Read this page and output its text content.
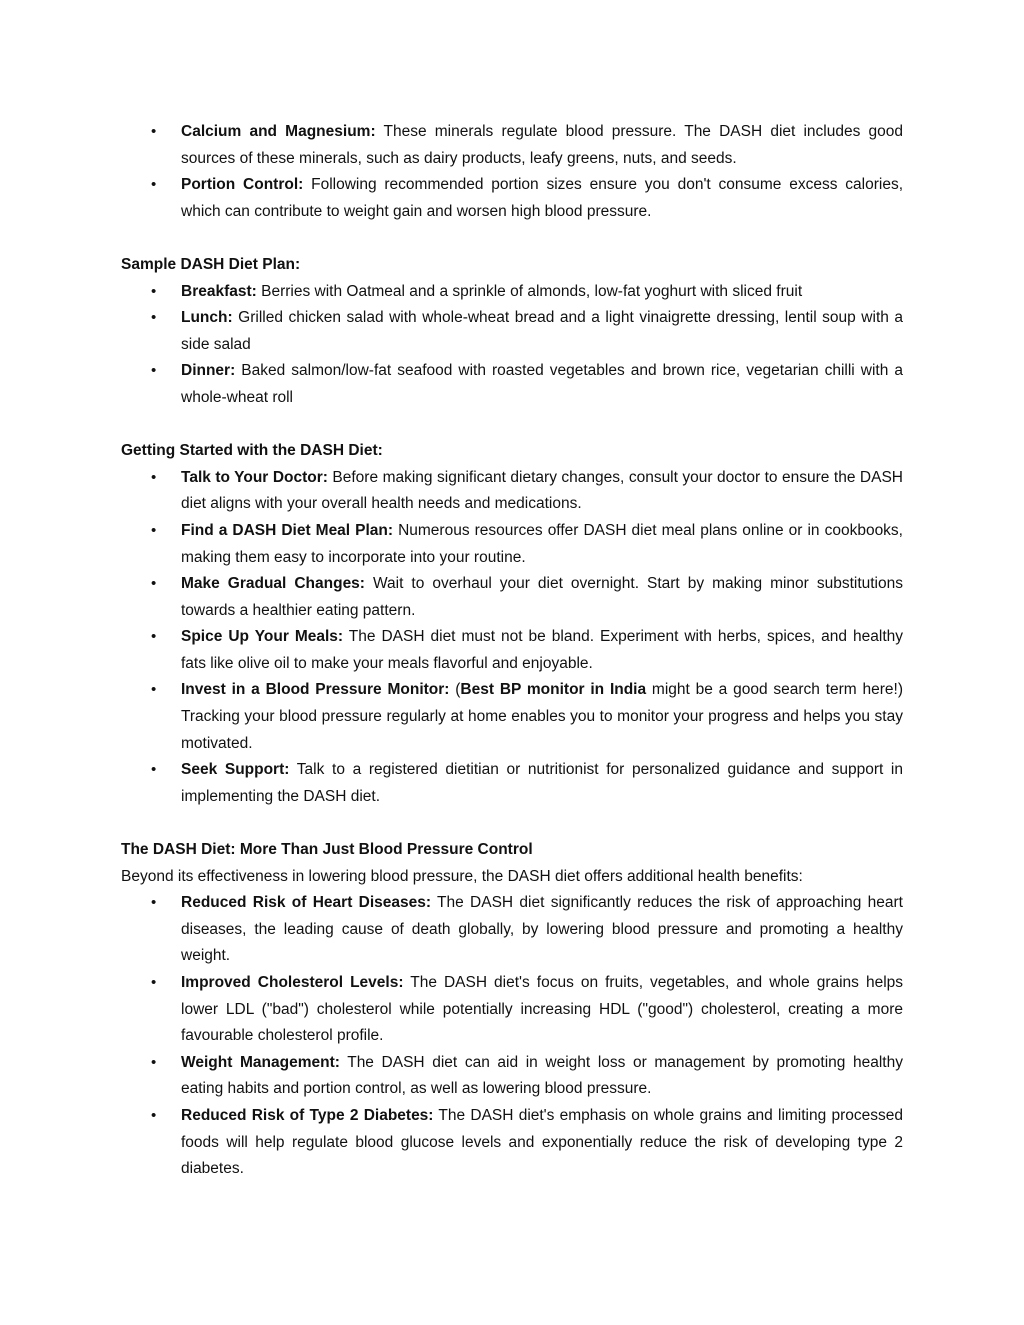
• Calcium and Magnesium: These minerals regulate blood pressure. The DASH diet includes good sources of these minerals, such as dairy products, leafy greens, nuts, and seeds.
• Portion Control: Following recommended portion sizes ensure you don't consume excess calories, which can contribute to weight gain and worsen high blood pressure.

Sample DASH Diet Plan:

• Breakfast: Berries with Oatmeal and a sprinkle of almonds, low-fat yoghurt with sliced fruit
• Lunch: Grilled chicken salad with whole-wheat bread and a light vinaigrette dressing, lentil soup with a side salad
• Dinner: Baked salmon/low-fat seafood with roasted vegetables and brown rice, vegetarian chilli with a whole-wheat roll

Getting Started with the DASH Diet:

• Talk to Your Doctor: Before making significant dietary changes, consult your doctor to ensure the DASH diet aligns with your overall health needs and medications.
• Find a DASH Diet Meal Plan: Numerous resources offer DASH diet meal plans online or in cookbooks, making them easy to incorporate into your routine.
• Make Gradual Changes: Wait to overhaul your diet overnight. Start by making minor substitutions towards a healthier eating pattern.
• Spice Up Your Meals: The DASH diet must not be bland. Experiment with herbs, spices, and healthy fats like olive oil to make your meals flavorful and enjoyable.
• Invest in a Blood Pressure Monitor: (Best BP monitor in India might be a good search term here!) Tracking your blood pressure regularly at home enables you to monitor your progress and helps you stay motivated.
• Seek Support: Talk to a registered dietitian or nutritionist for personalized guidance and support in implementing the DASH diet.

The DASH Diet: More Than Just Blood Pressure Control

Beyond its effectiveness in lowering blood pressure, the DASH diet offers additional health benefits:

• Reduced Risk of Heart Diseases: The DASH diet significantly reduces the risk of approaching heart diseases, the leading cause of death globally, by lowering blood pressure and promoting a healthy weight.
• Improved Cholesterol Levels: The DASH diet's focus on fruits, vegetables, and whole grains helps lower LDL ("bad") cholesterol while potentially increasing HDL ("good") cholesterol, creating a more favourable cholesterol profile.
• Weight Management: The DASH diet can aid in weight loss or management by promoting healthy eating habits and portion control, as well as lowering blood pressure.
• Reduced Risk of Type 2 Diabetes: The DASH diet's emphasis on whole grains and limiting processed foods will help regulate blood glucose levels and exponentially reduce the risk of developing type 2 diabetes.
